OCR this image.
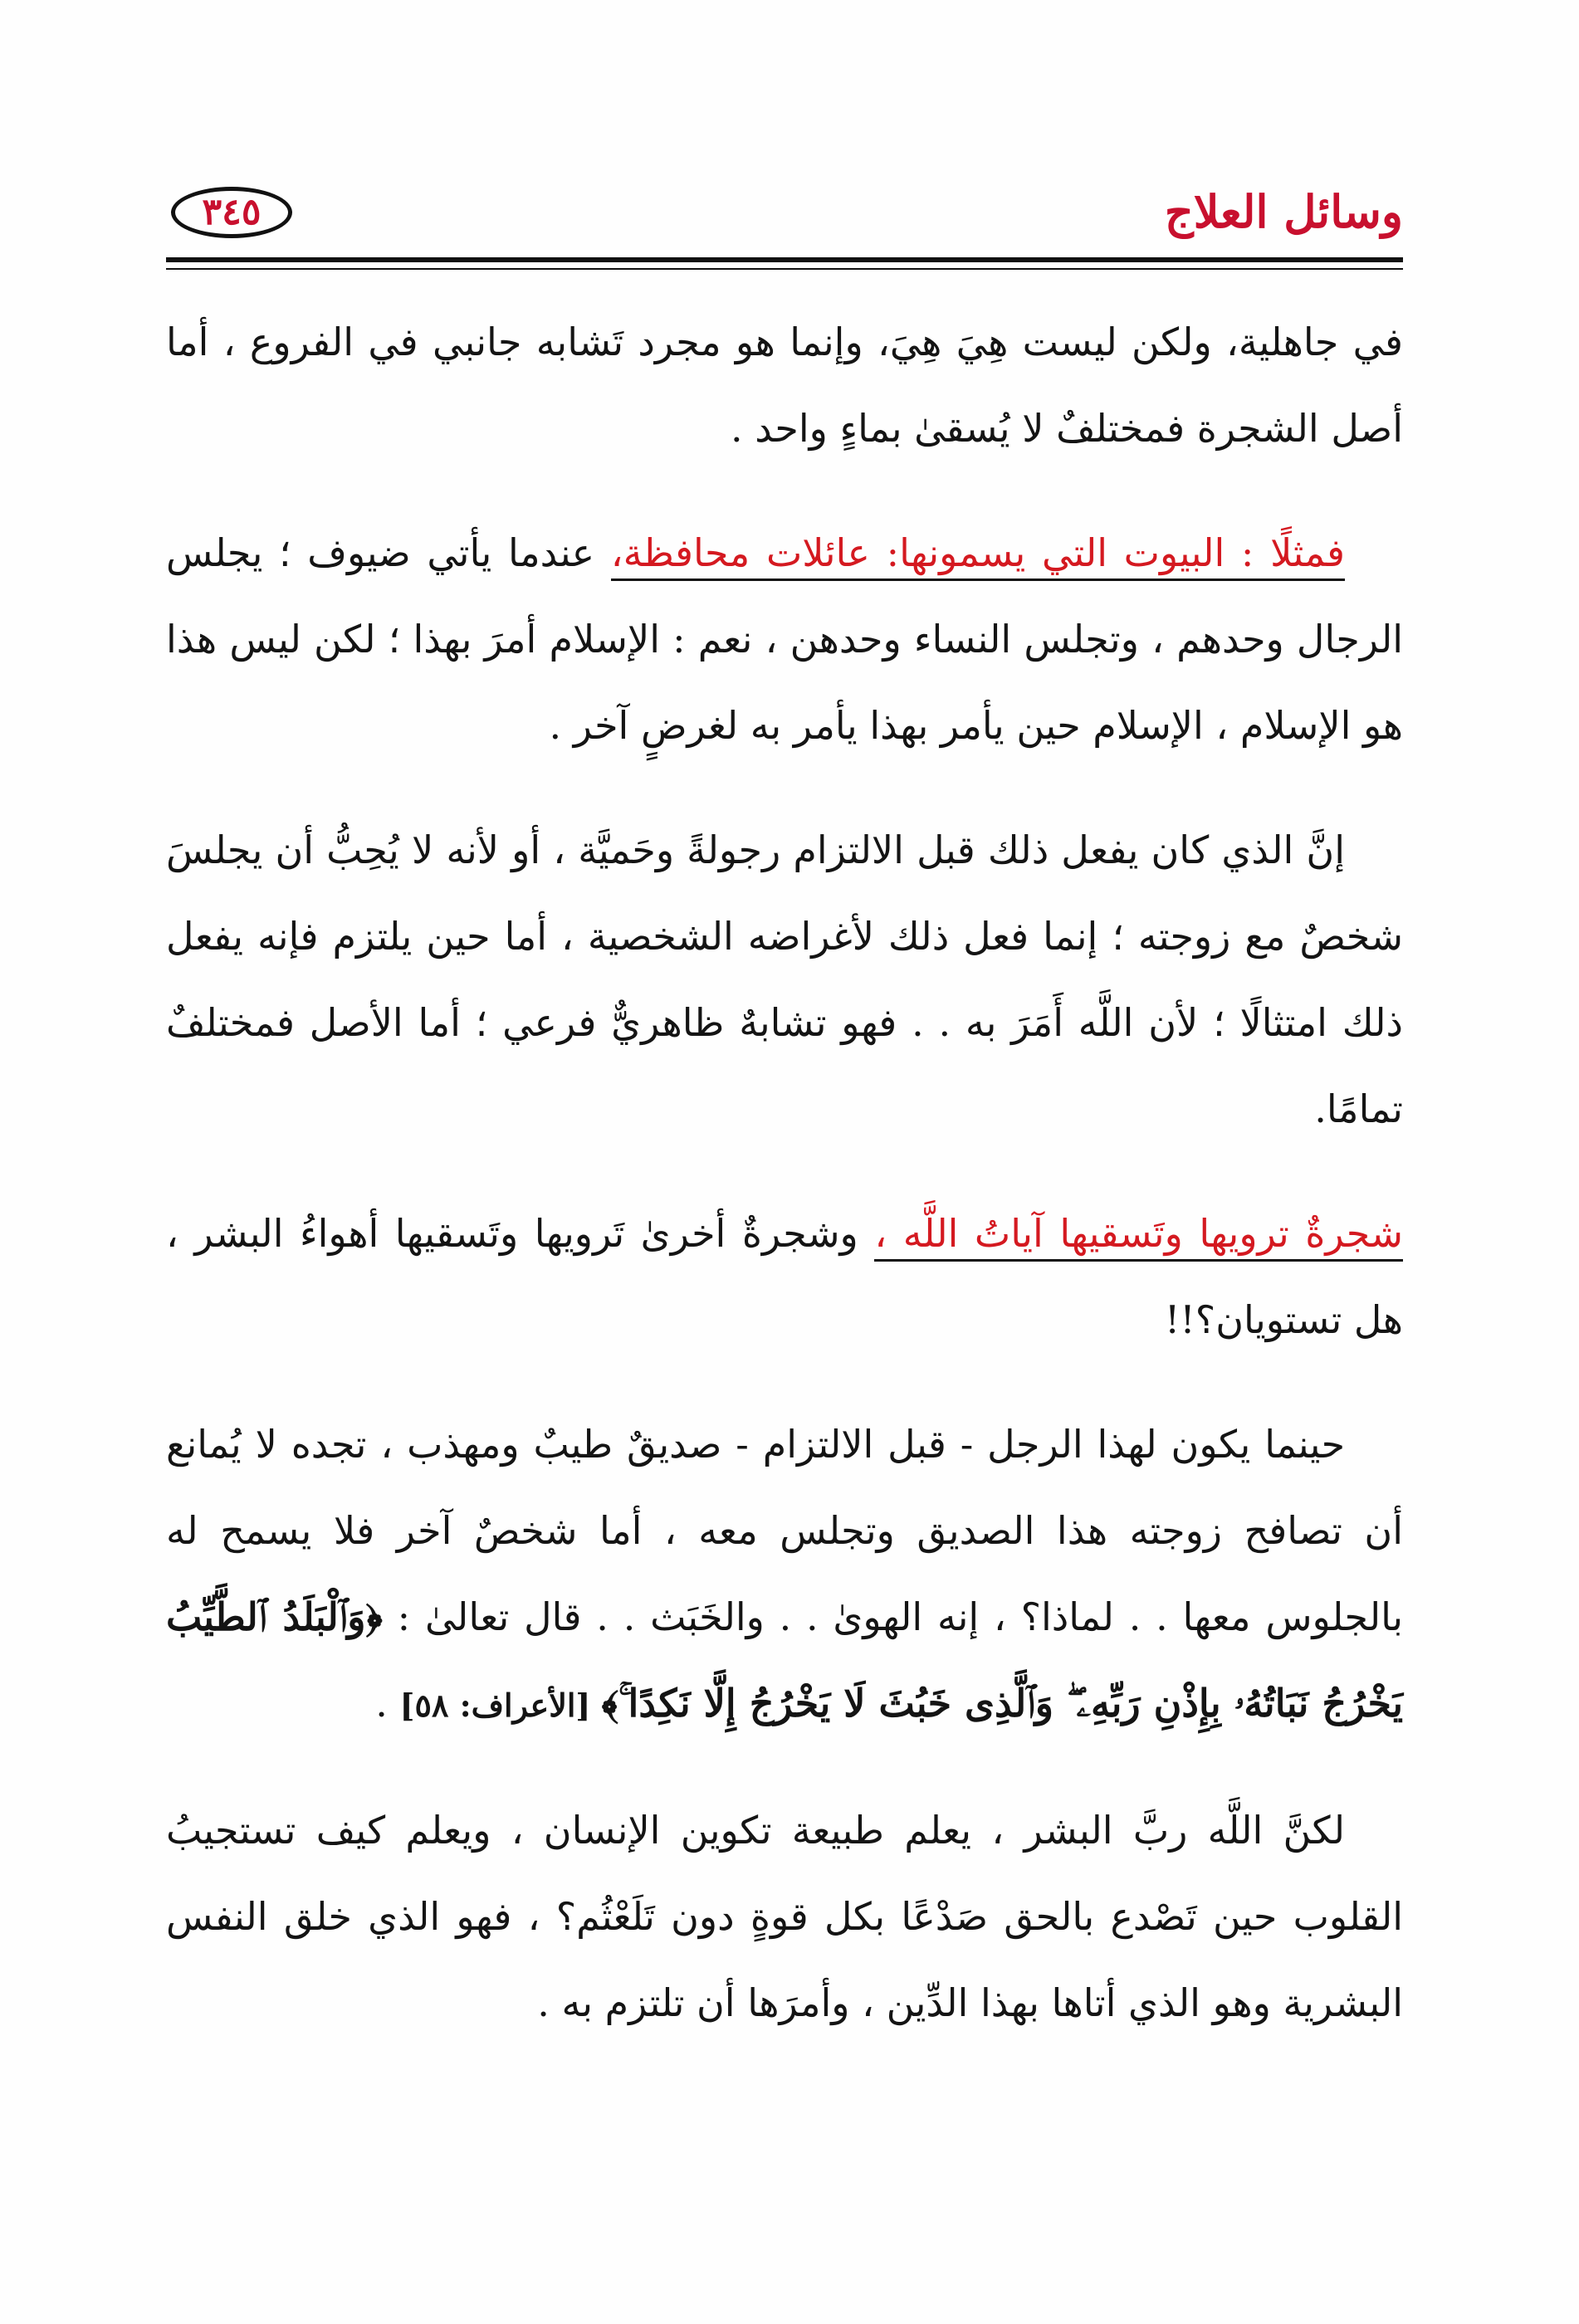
وسائل العلاج
٣٤٥

في جاهلية، ولكن ليست هِيَ هِيَ، وإنما هو مجرد تَشابه جانبي في الفروع ، أما أصل الشجرة فمختلفٌ لا يُسقىٰ بماءٍ واحد .

فمثلًا : البيوت التي يسمونها: عائلات محافظة، عندما يأتي ضيوف ؛ يجلس الرجال وحدهم ، وتجلس النساء وحدهن ، نعم : الإسلام أمرَ بهذا ؛ لكن ليس هذا هو الإسلام ، الإسلام حين يأمر بهذا يأمر به لغرضٍ آخر .

إنَّ الذي كان يفعل ذلك قبل الالتزام رجولةً وحَميَّة ، أو لأنه لا يُحِبُّ أن يجلسَ شخصٌ مع زوجته ؛ إنما فعل ذلك لأغراضه الشخصية ، أما حين يلتزم فإنه يفعل ذلك امتثالًا ؛ لأن اللَّه أَمَرَ به . . فهو تشابهٌ ظاهريٌّ فرعي ؛ أما الأصل فمختلفٌ تمامًا.

شجرةٌ ترويها وتَسقيها آياتُ اللَّه ، وشجرةٌ أخرىٰ تَرويها وتَسقيها أهواءُ البشر ، هل تستويان؟!!

حينما يكون لهذا الرجل - قبل الالتزام - صديقٌ طيبٌ ومهذب ، تجده لا يُمانع أن تصافح زوجته هذا الصديق وتجلس معه ، أما شخصٌ آخر فلا يسمح له بالجلوس معها . . لماذا؟ ، إنه الهوىٰ . . والخَبَث . . قال تعالىٰ : ﴿وَٱلْبَلَدُ ٱلطَّيِّبُ يَخْرُجُ نَبَاتُهُۥ بِإِذْنِ رَبِّهِۦ ۖ وَٱلَّذِى خَبُثَ لَا يَخْرُجُ إِلَّا نَكِدًا ۚ﴾ [الأعراف: ٥٨] .

لكنَّ اللَّه ربَّ البشر ، يعلم طبيعة تكوين الإنسان ، ويعلم كيف تستجيبُ القلوب حين تَصْدع بالحق صَدْعًا بكل قوةٍ دون تَلَعْثُم؟ ، فهو الذي خلق النفس البشرية وهو الذي أتاها بهذا الدِّين ، وأمرَها أن تلتزم به .
